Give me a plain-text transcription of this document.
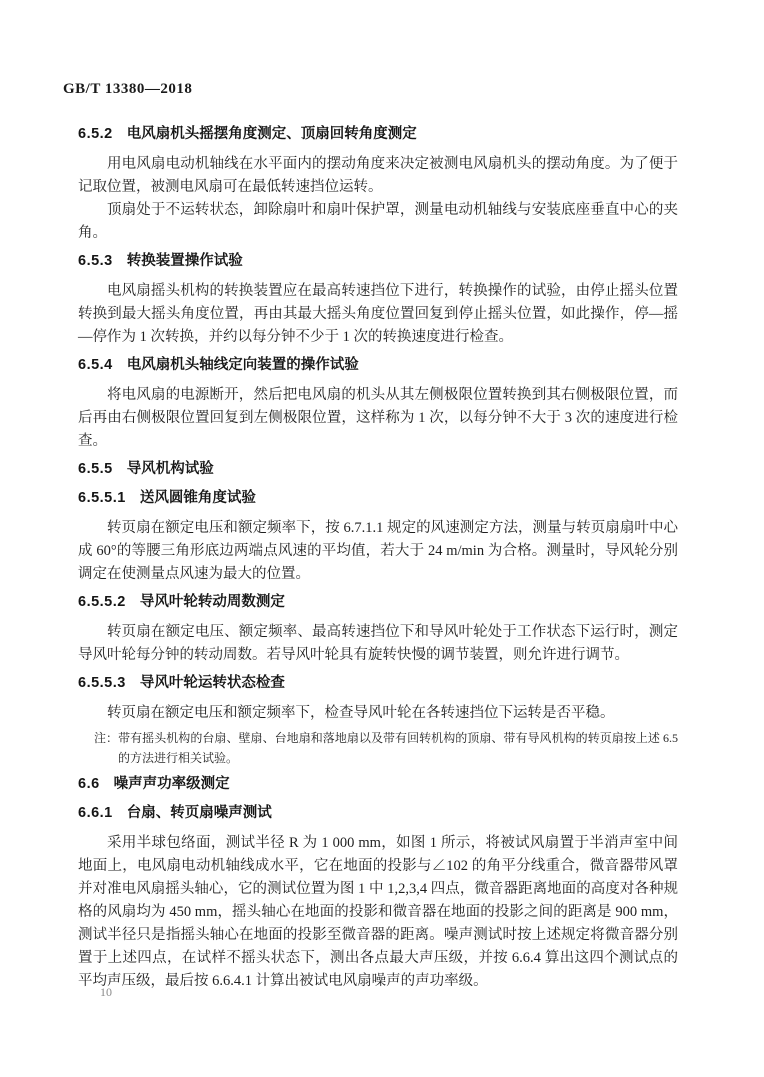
GB/T 13380—2018
6.5.2 电风扇机头摇摆角度测定、顶扇回转角度测定

用电风扇电动机轴线在水平面内的摆动角度来决定被测电风扇机头的摆动角度。为了便于记取位置，被测电风扇可在最低转速挡位运转。

顶扇处于不运转状态，卸除扇叶和扇叶保护罩，测量电动机轴线与安装底座垂直中心的夹角。

6.5.3 转换装置操作试验

电风扇摇头机构的转换装置应在最高转速挡位下进行，转换操作的试验，由停止摇头位置转换到最大摇头角度位置，再由其最大摇头角度位置回复到停止摇头位置，如此操作，停—摇—停作为 1 次转换，并约以每分钟不少于 1 次的转换速度进行检查。

6.5.4 电风扇机头轴线定向装置的操作试验

将电风扇的电源断开，然后把电风扇的机头从其左侧极限位置转换到其右侧极限位置，而后再由右侧极限位置回复到左侧极限位置，这样称为 1 次，以每分钟不大于 3 次的速度进行检查。

6.5.5 导风机构试验
6.5.5.1 送风圆锥角度试验

转页扇在额定电压和额定频率下，按 6.7.1.1 规定的风速测定方法，测量与转页扇扇叶中心成 60°的等腰三角形底边两端点风速的平均值，若大于 24 m/min 为合格。测量时，导风轮分别调定在使测量点风速为最大的位置。

6.5.5.2 导风叶轮转动周数测定

转页扇在额定电压、额定频率、最高转速挡位下和导风叶轮处于工作状态下运行时，测定导风叶轮每分钟的转动周数。若导风叶轮具有旋转快慢的调节装置，则允许进行调节。

6.5.5.3 导风叶轮运转状态检查

转页扇在额定电压和额定频率下，检查导风叶轮在各转速挡位下运转是否平稳。

注：带有摇头机构的台扇、壁扇、台地扇和落地扇以及带有回转机构的顶扇、带有导风机构的转页扇按上述 6.5 的方法进行相关试验。
6.6 噪声声功率级测定
6.6.1 台扇、转页扇噪声测试

采用半球包络面，测试半径 R 为 1 000 mm，如图 1 所示，将被试风扇置于半消声室中间地面上，电风扇电动机轴线成水平，它在地面的投影与∠102 的角平分线重合，微音器带风罩并对准电风扇摇头轴心，它的测试位置为图 1 中 1,2,3,4 四点，微音器距离地面的高度对各种规格的风扇均为 450 mm，摇头轴心在地面的投影和微音器在地面的投影之间的距离是 900 mm，测试半径只是指摇头轴心在地面的投影至微音器的距离。噪声测试时按上述规定将微音器分别置于上述四点，在试样不摇头状态下，测出各点最大声压级，并按 6.6.4 算出这四个测试点的平均声压级，最后按 6.6.4.1 计算出被试电风扇噪声的声功率级。

10
